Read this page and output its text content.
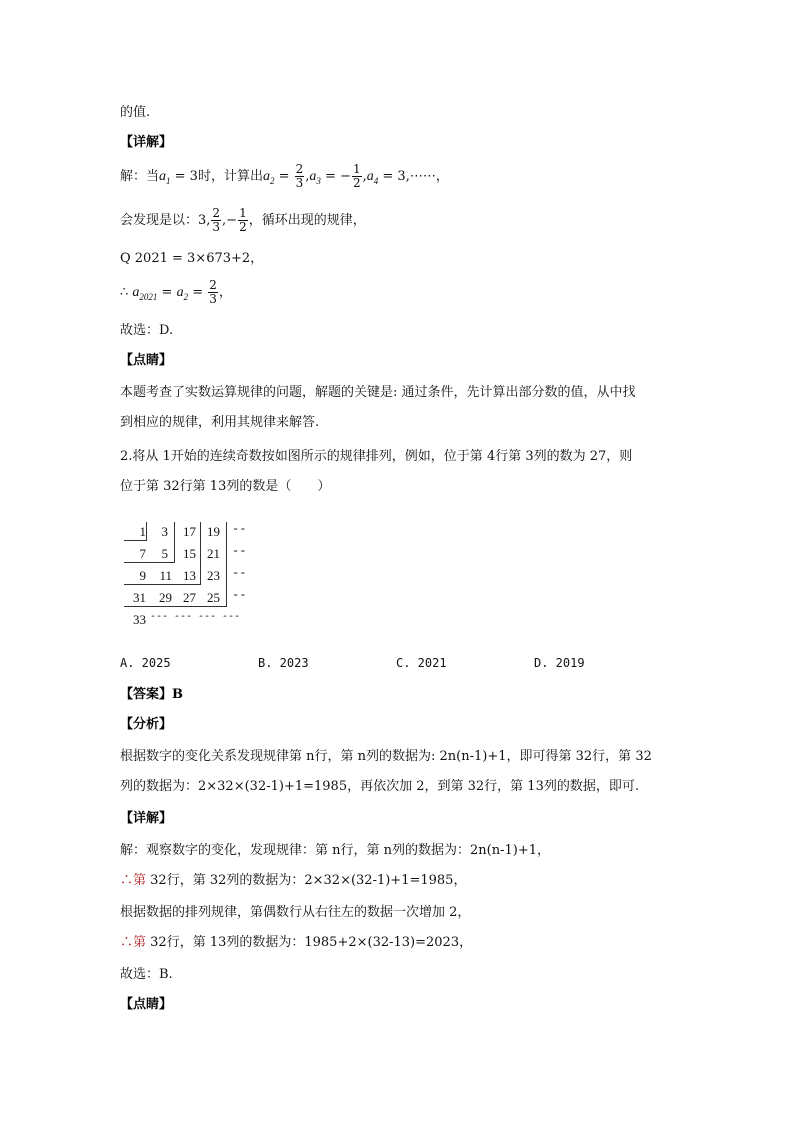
的值.
【详解】
解：当$a_1 = 3$时，计算出$a_2 = \frac{2}{3} ,a_3$ = − $\frac{1}{2} ,a_4$ = 3,⋯⋯，
会发现是以：3, $\frac{2}{3}$ ,− $\frac{1}{2}$ ，循环出现的规律，
Q 2021 = 3×673+2，
∴ $a_{2021} = a_2 = \frac{2}{3}$ ，
故选：D.
【点睛】
本题考查了实数运算规律的问题，解题的关键是: 通过条件，先计算出部分数的值，从中找
到相应的规律，利用其规律来解答.
2.将从 1开始的连续奇数按如图所示的规律排列，例如，位于第 4行第 3列的数为 27，则
位于第 32行第 13列的数是（　　）
1	3	17 19 --
7	5	15 21 --
9	11 13 23 --
31	29 27 25 --
33 --- --- --- ---
A. 2025	B. 2023	C. 2021	D. 2019
【答案】B
【分析】
根据数字的变化关系发现规律第 n行，第 n列的数据为: 2n(n-1)+1，即可得第 32行，第 32
列的数据为：2×32×(32-1)+1=1985，再依次加 2，到第 32行，第 13列的数据，即可.
【详解】
解：观察数字的变化，发现规律：第 n行，第 n列的数据为：2n(n-1)+1，
∴第 32行，第 32列的数据为：2×32×(32-1)+1=1985，
根据数据的排列规律，第偶数行从右往左的数据一次增加 2，
∴第 32行，第 13列的数据为：1985+2×(32-13)=2023，
故选：B.
【点睛】
